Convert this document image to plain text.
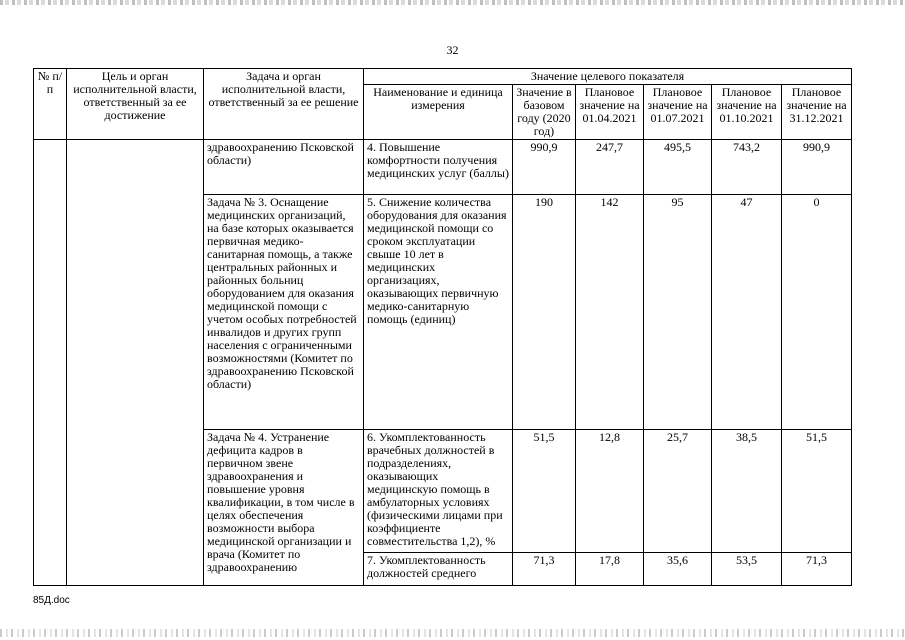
32
№ п/п	Цель и орган исполнительной власти, ответственный за ее достижение	Задача и орган исполнительной власти, ответственный за ее решение	Значение целевого показателя					
			Наименование и единица измерения	Значение в базовом году (2020 год)	Плановое значение на 01.04.2021	Плановое значение на 01.07.2021	Плановое значение на 01.10.2021	Плановое значение на 31.12.2021
		здравоохранению Псковской области)	4. Повышение комфортности получения медицинских услуг (баллы)	990,9	247,7	495,5	743,2	990,9
		Задача № 3. Оснащение медицинских организаций, на базе которых оказывается первичная медико-санитарная помощь, а также центральных районных и районных больниц оборудованием для оказания медицинской помощи с учетом особых потребностей инвалидов и других групп населения с ограниченными возможностями (Комитет по здравоохранению Псковской области)	5. Снижение количества оборудования для оказания медицинской помощи со сроком эксплуатации свыше 10 лет в медицинских организациях, оказывающих первичную медико-санитарную помощь (единиц)	190	142	95	47	0
		Задача № 4. Устранение дефицита кадров в первичном звене здравоохранения и повышение уровня квалификации, в том числе в целях обеспечения возможности выбора медицинской организации и врача (Комитет по здравоохранению	6. Укомплектованность врачебных должностей в подразделениях, оказывающих медицинскую помощь в амбулаторных условиях (физическими лицами при коэффициенте совместительства 1,2), %	51,5	12,8	25,7	38,5	51,5
			7. Укомплектованность должностей среднего	71,3	17,8	35,6	53,5	71,3
85Д.doc
